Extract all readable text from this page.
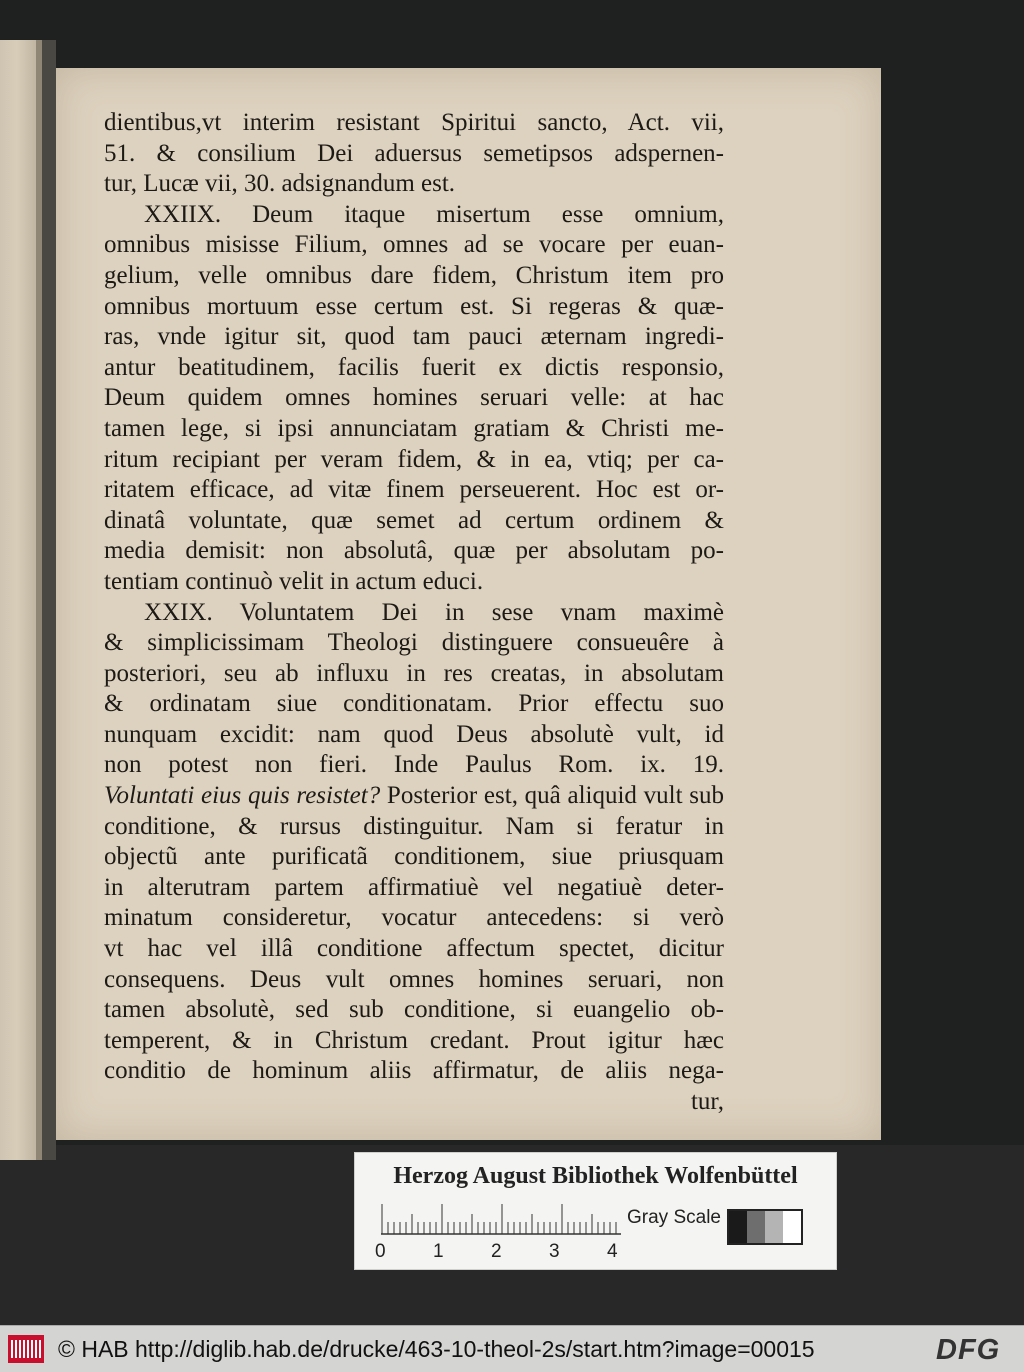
dientibus,vt interim resistant Spiritui sancto, Act. vii,
51. & consilium Dei aduersus semetipsos adspernen-
tur, Lucæ vii, 30. adsignandum est.
XXIIX. Deum itaque misertum esse omnium,
omnibus misisse Filium, omnes ad se vocare per euan-
gelium, velle omnibus dare fidem, Christum item pro
omnibus mortuum esse certum est. Si regeras & quæ-
ras, vnde igitur sit, quod tam pauci æternam ingredi-
antur beatitudinem, facilis fuerit ex dictis responsio,
Deum quidem omnes homines seruari velle: at hac
tamen lege, si ipsi annunciatam gratiam & Christi me-
ritum recipiant per veram fidem, & in ea, vtiq; per ca-
ritatem efficace, ad vitæ finem perseuerent. Hoc est or-
dinatâ voluntate, quæ semet ad certum ordinem &
media demisit: non absolutâ, quæ per absolutam po-
tentiam continuò velit in actum educi.
XXIX. Voluntatem Dei in sese vnam maximè
& simplicissimam Theologi distinguere consueuêre à
posteriori, seu ab influxu in res creatas, in absolutam
& ordinatam siue conditionatam. Prior effectu suo
nunquam excidit: nam quod Deus absolutè vult, id
non potest non fieri. Inde Paulus Rom. ix. 19.
Voluntati eius quis resistet? Posterior est, quâ aliquid vult sub
conditione, & rursus distinguitur. Nam si feratur in
objectũ ante purificatã conditionem, siue priusquam
in alterutram partem affirmatiuè vel negatiuè deter-
minatum consideretur, vocatur antecedens: si verò
vt hac vel illâ conditione affectum spectet, dicitur
consequens. Deus vult omnes homines seruari, non
tamen absolutè, sed sub conditione, si euangelio ob-
temperent, & in Christum credant. Prout igitur hæc
conditio de hominum aliis affirmatur, de aliis nega-
tur,
Herzog August Bibliothek Wolfenbüttel
0 1 2 3 4
Gray Scale
© HAB http://diglib.hab.de/drucke/463-10-theol-2s/start.htm?image=00015	DFG
